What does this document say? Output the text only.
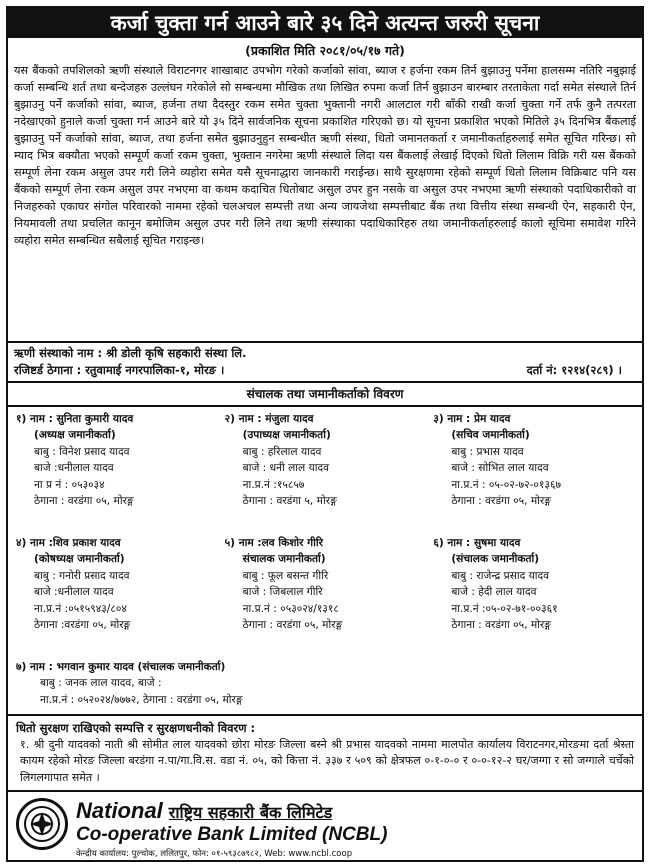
कर्जा चुक्ता गर्न आउने बारे ३५ दिने अत्यन्त जरुरी सूचना
(प्रकाशित मिति २०८१/०५/१७ गते)
यस बैंकको तपशिलको ऋणी संस्थाले विराटनगर शाखाबाट उपभोग गरेको कर्जाको सांवा, ब्याज र हर्जना रकम तिर्न बुझाउनु पर्नेमा हालसम्म नतिरि नबुझाई कर्जा सम्बन्धि शर्त तथा बन्देजहरु उल्लंघन गरेकोले सो सम्बन्धमा मौखिक तथा लिखित रुपमा कर्जा तिर्न बुझाउन बारम्बार तरताकेता गर्दा समेत संस्थाले तिर्न बुझाउनु पर्ने कर्जाको सांवा, ब्याज, हर्जना तथा दैदस्तुर रकम समेत चुक्ता भुक्तानी नगरी आलटाल गरी बाँकी राखी कर्जा चुक्ता गर्ने तर्फ कुनै तत्परता नदेखाएको हुनाले कर्जा चुक्ता गर्न आउने बारे यो ३५ दिने सार्वजनिक सूचना प्रकाशित गरिएको छ। यो सूचना प्रकाशित भएको मितिले ३५ दिनभित्र बैंकलाई बुझाउनु पर्ने कर्जाको सांवा, ब्याज, तथा हर्जना समेत बुझाउनुहुन सम्बन्धीत ऋणी संस्था, धितो जमानतकर्ता र जमानीकर्ताहरुलाई समेत सूचित गरिन्छ। सो म्याद भित्र बक्यौता भएको सम्पूर्ण कर्जा रकम चुक्ता, भुक्तान नगरेमा ऋणी संस्थाले लिदा यस बैंकलाई लेखाई दिएको धितो लिलाम विक्रि गरी यस बैंकको सम्पूर्ण लेना रकम असुल उपर गरी लिने व्यहोरा समेत यसै सूचनाद्धारा जानकारी गराईन्छ। साथै सुरक्षणमा रहेको सम्पूर्ण धितो लिलाम विक्रिबाट पनि यस बैंकको सम्पूर्ण लेना रकम असुल उपर नभएमा वा कथम कदाचित धितोबाट असुल उपर हुन नसके वा असुल उपर नभएमा ऋणी संस्थाको पदाधिकारीको वा निजहरुको एकाघर संगोल परिवारको नाममा रहेको चलअचल सम्पत्ती तथा अन्य जायजेथा सम्पत्तीबाट बैंक तथा वित्तीय संस्था सम्बन्धी ऐन, सहकारी ऐन, नियमावली तथा प्रचलित कानून बमोजिम असुल उपर गरी लिने तथा ऋणी संस्थाका पदाधिकारिहरु तथा जमानीकर्ताहरुलाई कालो सूचिमा समावेश गरिने व्यहोरा समेत सम्बन्धित सबैलाई सूचित गराइन्छ।
ऋणी संस्थाको नाम : श्री डोली कृषि सहकारी संस्था लि.
रजिष्टर्ड ठेगाना : रतुवामाई नगरपालिका-१, मोरङ ।	दर्ता नं: १२१४(२८९) ।
संचालक तथा जमानीकर्ताको विवरण
१) नाम : सुनिता कुमारी यादव
(अध्यक्ष जमानीकर्ता)
बाबु : विनेश प्रसाद यादव
बाजे :धनीलाल यादव
ना प्र नं : ०५३०३४
ठेगाना : वरडंगा ०५, मोरङ्ग
२) नाम : मंजुला यादव
(उपाध्यक्ष जमानीकर्ता)
बाबु : हरिलाल यादव
बाजे : धनी लाल यादव
ना.प्र.नं :१५८५७
ठेगाना : वरडंगा ५, मोरङ्ग
३) नाम : प्रेम यादव
(सचिव जमानीकर्ता)
बाबु : प्रभास यादव
बाजे : सोभित लाल यादव
ना.प्र.नं : ०५-०२-७२-०१३६७
ठेगाना : वरडंगा ०५, मोरङ्ग
४) नाम :शिव प्रकाश यादव
(कोषध्यक्ष जमानीकर्ता)
बाबु : गनोरी प्रसाद यादव
बाजे :धनीलाल यादव
ना.प्र.नं :०५१५९४३/८०४
ठेगाना :वरडंगा ०५, मोरङ्ग
५) नाम :लव किशोर गीरि
संचालक जमानीकर्ता)
बाबु : फूल बसन्त गीरि
बाजे : जिबलाल गीरि
ना.प्र.नं : ०५३०२४/१३१८
ठेगाना : वरडंगा ०५, मोरङ्ग
६) नाम : सुषमा यादव
(संचालक जमानीकर्ता)
बाबु : राजेन्द्र प्रसाद यादव
बाजे : हेदी लाल यादव
ना.प्र.नं :०५-०२-७१-००३६१
ठेगाना : वरडंगा ०५, मोरङ्ग
७) नाम : भगवान कुमार यादव (संचालक जमानीकर्ता)
बाबु : जनक लाल यादव, बाजे :
ना.प्र.नं : ०५२०२४/७७७२, ठेगाना : वरडंगा ०५, मोरङ्ग
धितो सुरक्षण राखिएको सम्पत्ति र सुरक्षणधनीको विवरण :
१. श्री दुनी यादवको नाती श्री सोमीत लाल यादवको छोरा मोरङ जिल्ला बस्ने श्री प्रभास यादवको नाममा मालपोत कार्यालय विराटनगर,मोरङमा दर्ता श्रेस्ता कायम रहेको मोरङ जिल्ला बरडंगा न.पा/गा.वि.स. वडा नं. ०५, को कित्ता नं. ३३७ र ५०९ को क्षेत्रफल ०-१-०-० र ०-०-१२-२ घर/जग्गा र सो जग्गाले चर्चेको लिगलगापात समेत ।
National राष्ट्रिय सहकारी बैंक लिमिटेड
Co-operative Bank Limited (NCBL)
केन्द्रीय कार्यालय: पुल्चोक, ललितपुर, फोन: ०१-५९३८७९८२, Web: www.ncbl.coop
